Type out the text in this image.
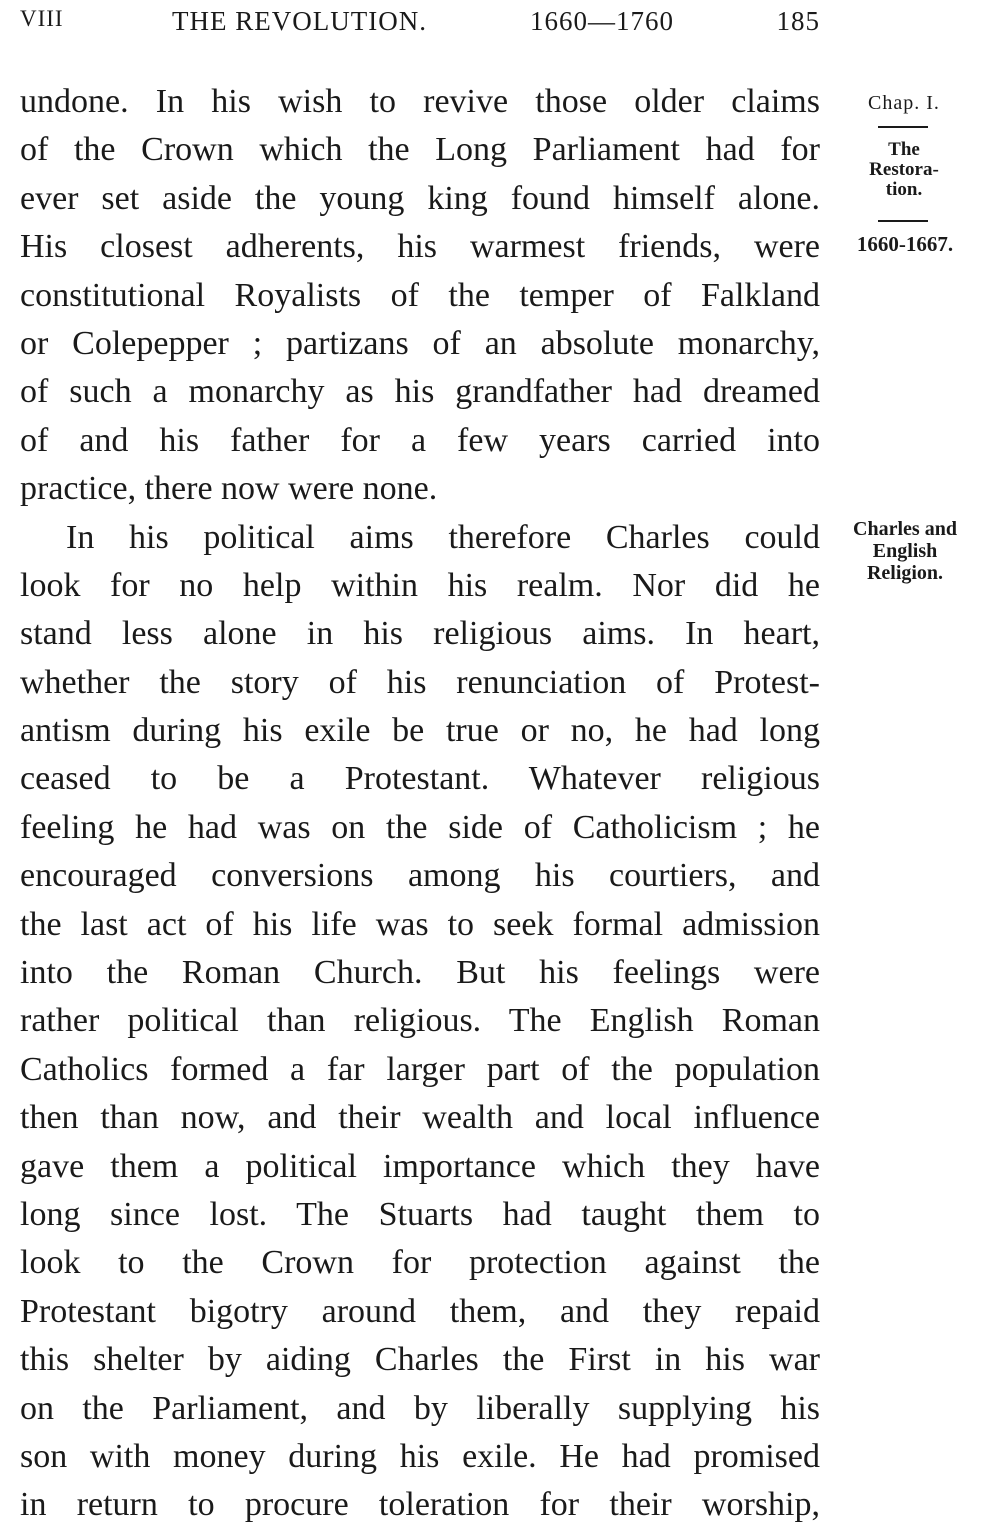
VIII	THE REVOLUTION.	1660—1760	185
undone. In his wish to revive those older claims
of the Crown which the Long Parliament had for
ever set aside the young king found himself alone.
His closest adherents, his warmest friends, were
constitutional Royalists of the temper of Falkland
or Colepepper ; partizans of an absolute monarchy,
of such a monarchy as his grandfather had dreamed
of and his father for a few years carried into
practice, there now were none.
In his political aims therefore Charles could
look for no help within his realm. Nor did he
stand less alone in his religious aims. In heart,
whether the story of his renunciation of Protest-
antism during his exile be true or no, he had long
ceased to be a Protestant. Whatever religious
feeling he had was on the side of Catholicism ; he
encouraged conversions among his courtiers, and
the last act of his life was to seek formal admission
into the Roman Church. But his feelings were
rather political than religious. The English Roman
Catholics formed a far larger part of the population
then than now, and their wealth and local influence
gave them a political importance which they have
long since lost. The Stuarts had taught them to
look to the Crown for protection against the
Protestant bigotry around them, and they repaid
this shelter by aiding Charles the First in his war
on the Parliament, and by liberally supplying his
son with money during his exile. He had promised
in return to procure toleration for their worship,
Chap. I.
The
Restora-
tion.
1660-1667.
Charles and
English
Religion.
